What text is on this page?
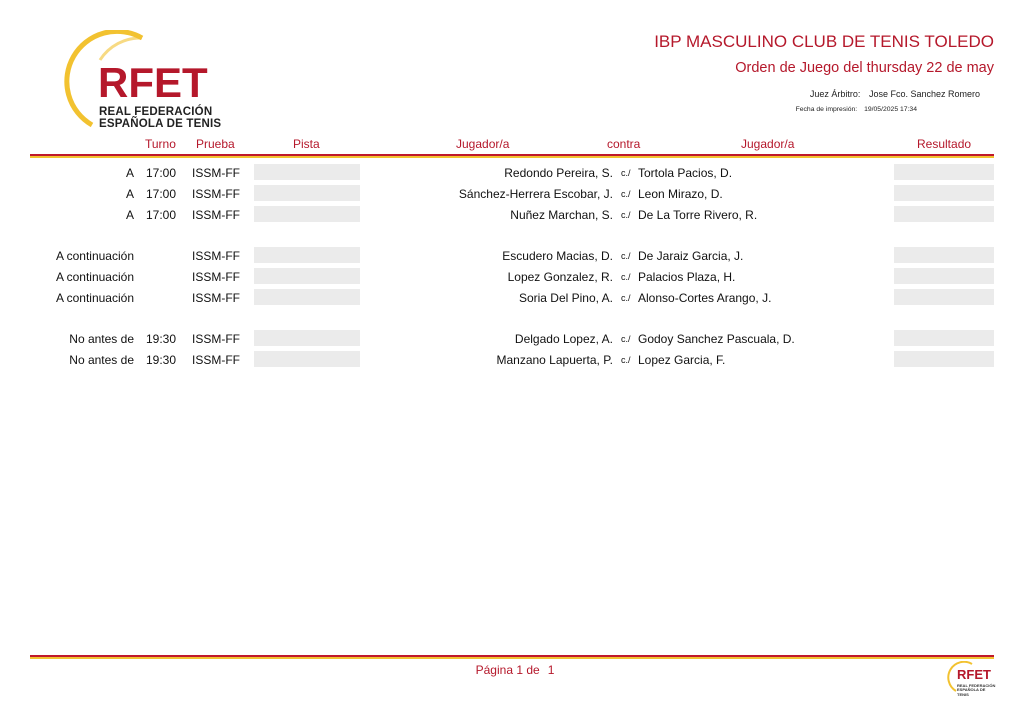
RFET
REAL FEDERACIÓN
ESPAÑOLA DE TENIS
IBP MASCULINO CLUB DE TENIS TOLEDO
Orden de Juego del thursday 22 de may
Juez Árbitro: Jose Fco. Sanchez Romero
Fecha de impresión: 19/05/2025 17:34
Turno Prueba	Pista	Jugador/a	contra	Jugador/a	Resultado
A 17:00 ISSM-FF	Redondo Pereira, S. c./ Tortola Pacios, D.
A 17:00 ISSM-FF	Sánchez-Herrera Escobar, J. c./ Leon Mirazo, D.
A 17:00 ISSM-FF	Nuñez Marchan, S. c./ De La Torre Rivero, R.
A continuación	ISSM-FF	Escudero Macias, D. c./ De Jaraiz Garcia, J.
A continuación	ISSM-FF	Lopez Gonzalez, R. c./ Palacios Plaza, H.
A continuación	ISSM-FF	Soria Del Pino, A. c./ Alonso-Cortes Arango, J.
No antes de 19:30 ISSM-FF	Delgado Lopez, A. c./ Godoy Sanchez Pascuala, D.
No antes de 19:30 ISSM-FF	Manzano Lapuerta, P. c./ Lopez Garcia, F.
Página 1 de 1	RFET
REAL FEDERACIÓN
ESPAÑOLA DE TENIS
